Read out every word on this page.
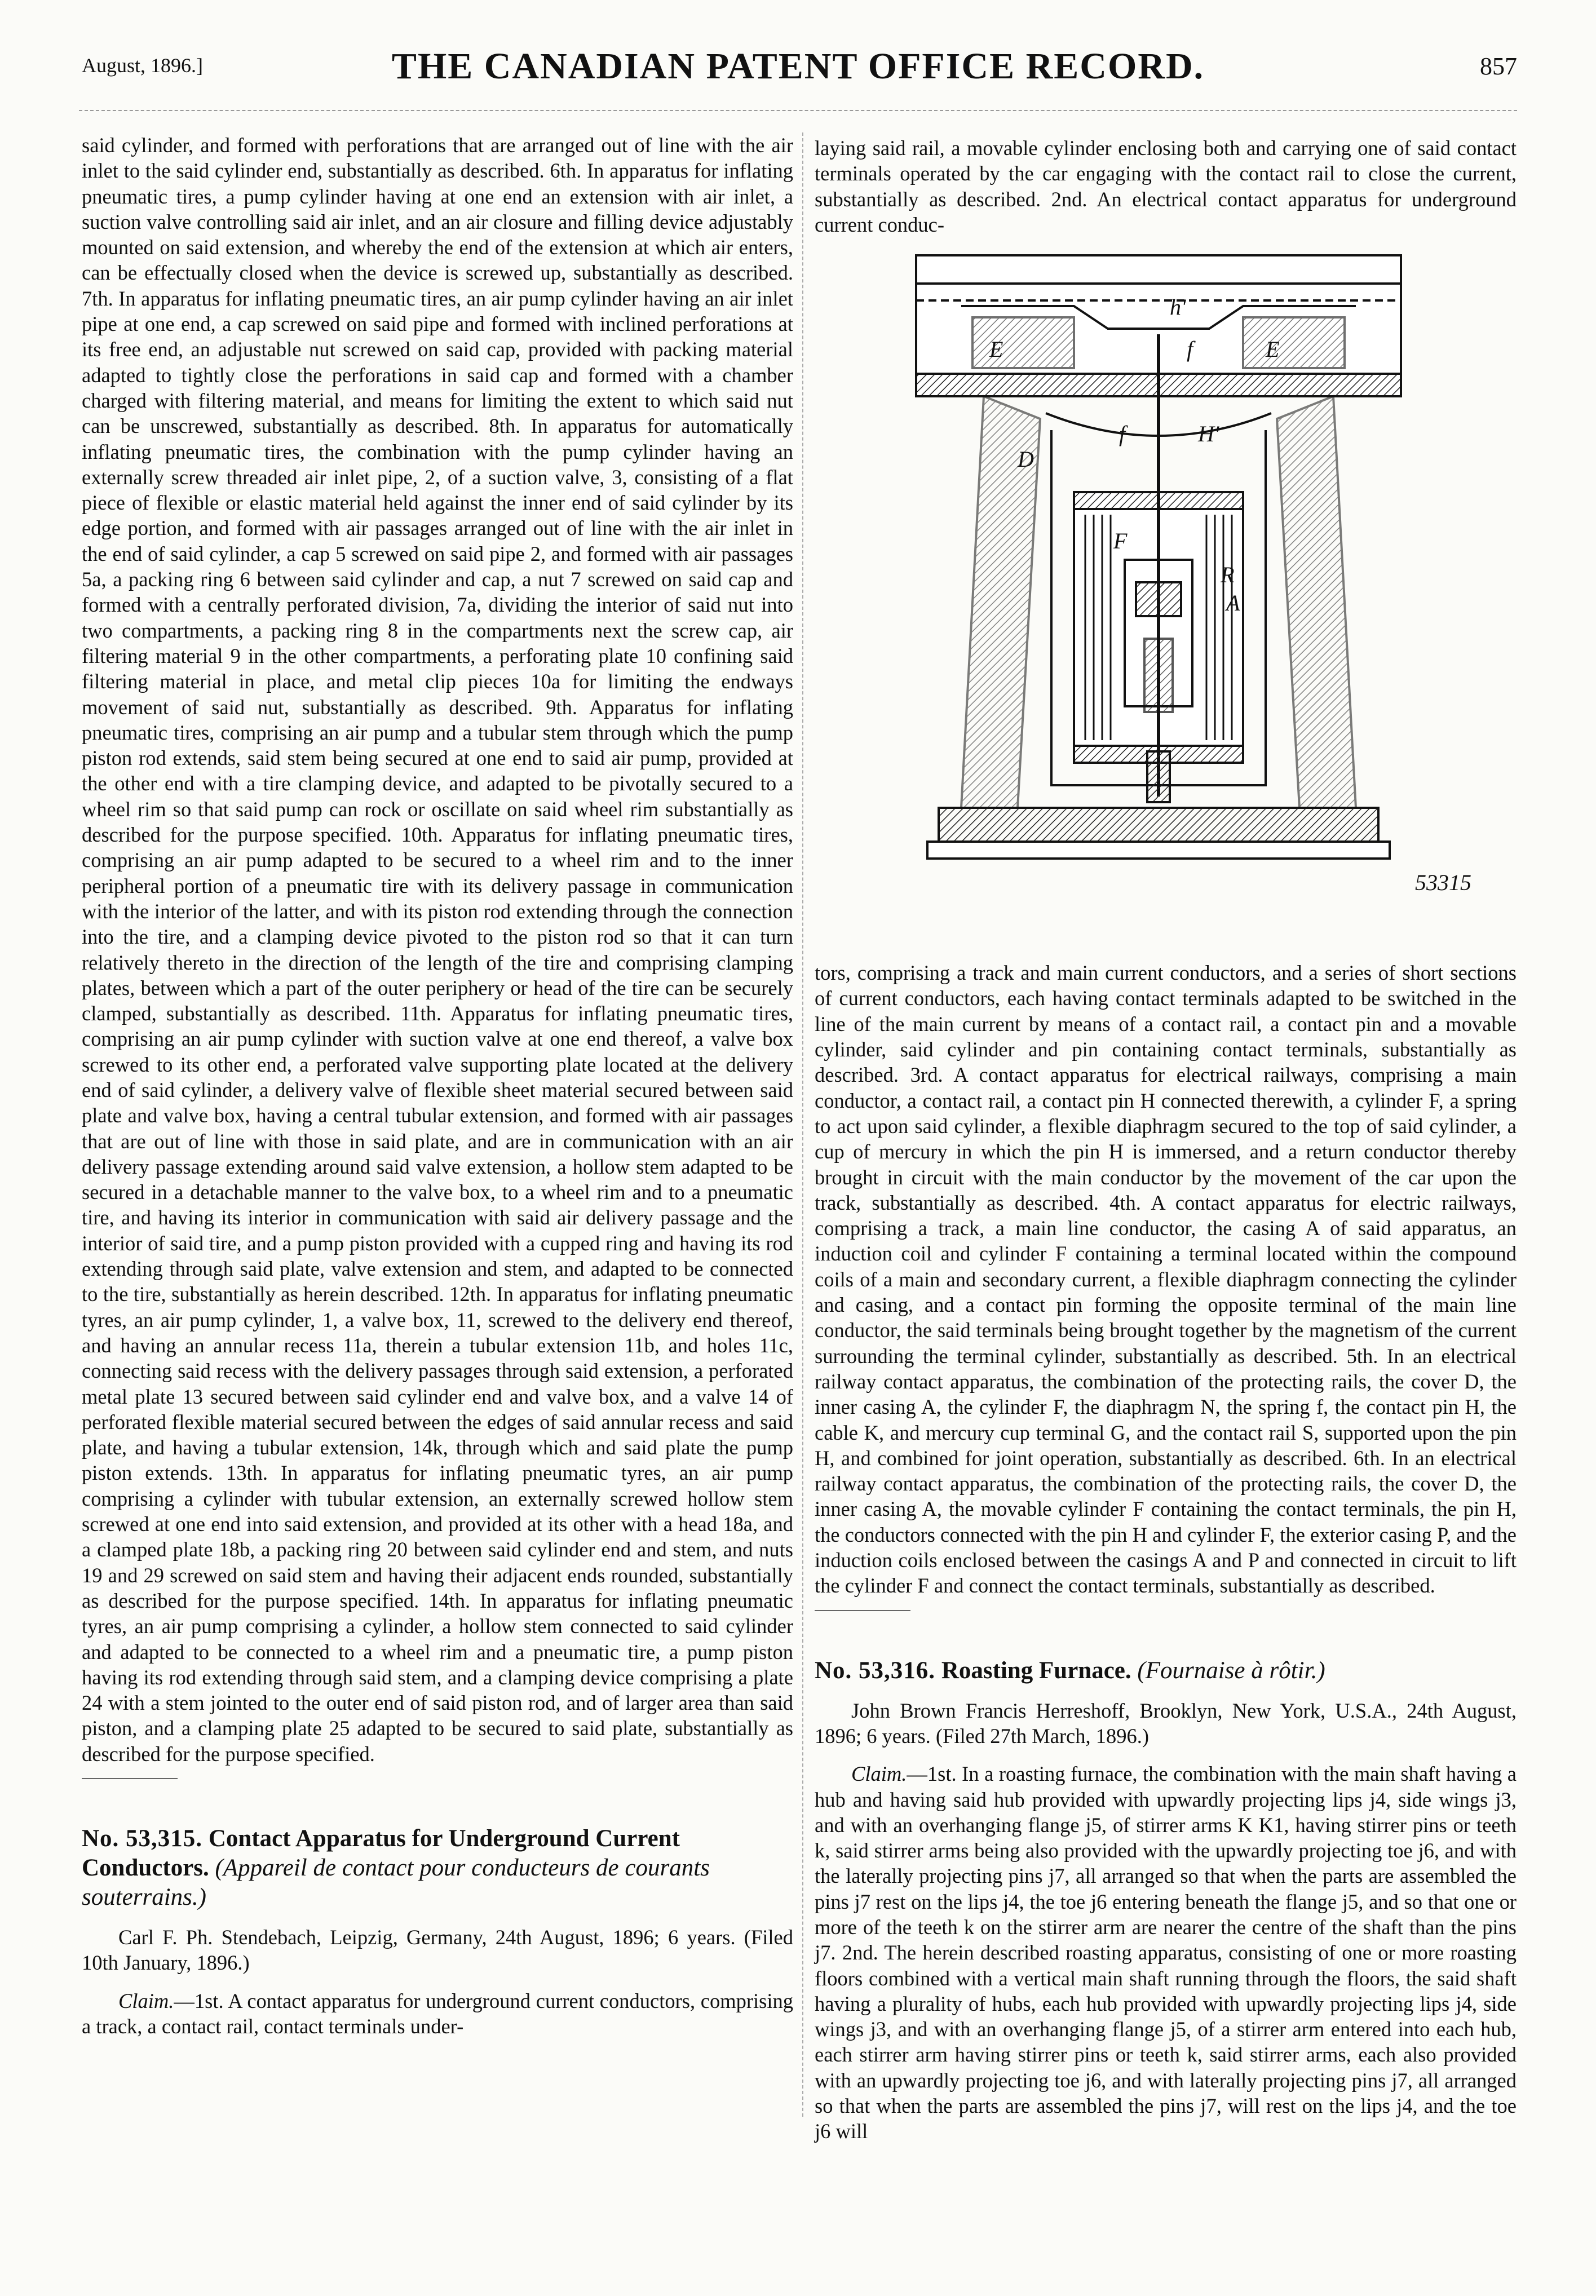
August, 1896.]	THE CANADIAN PATENT OFFICE RECORD.	857

said cylinder, and formed with perforations that are arranged out of line with the air inlet to the said cylinder end, substantially as described. 6th. In apparatus for inflating pneumatic tires, a pump cylinder having at one end an extension with air inlet, a suction valve controlling said air inlet, and an air closure and filling device adjustably mounted on said extension, and whereby the end of the extension at which air enters, can be effectually closed when the device is screwed up, substantially as described. 7th. In apparatus for inflating pneumatic tires, an air pump cylinder having an air inlet pipe at one end, a cap screwed on said pipe and formed with inclined perforations at its free end, an adjustable nut screwed on said cap, provided with packing material adapted to tightly close the perforations in said cap and formed with a chamber charged with filtering material, and means for limiting the extent to which said nut can be unscrewed, substantially as described. 8th. In apparatus for automatically inflating pneumatic tires, the combination with the pump cylinder having an externally screw threaded air inlet pipe, 2, of a suction valve, 3, consisting of a flat piece of flexible or elastic material held against the inner end of said cylinder by its edge portion, and formed with air passages arranged out of line with the air inlet in the end of said cylinder, a cap 5 screwed on said pipe 2, and formed with air passages 5a, a packing ring 6 between said cylinder and cap, a nut 7 screwed on said cap and formed with a centrally perforated division, 7a, dividing the interior of said nut into two compartments, a packing ring 8 in the compartments next the screw cap, air filtering material 9 in the other compartments, a perforating plate 10 confining said filtering material in place, and metal clip pieces 10a for limiting the endways movement of said nut, substantially as described. 9th. Apparatus for inflating pneumatic tires, comprising an air pump and a tubular stem through which the pump piston rod extends, said stem being secured at one end to said air pump, provided at the other end with a tire clamping device, and adapted to be pivotally secured to a wheel rim so that said pump can rock or oscillate on said wheel rim substantially as described for the purpose specified. 10th. Apparatus for inflating pneumatic tires, comprising an air pump adapted to be secured to a wheel rim and to the inner peripheral portion of a pneumatic tire with its delivery passage in communication with the interior of the latter, and with its piston rod extending through the connection into the tire, and a clamping device pivoted to the piston rod so that it can turn relatively thereto in the direction of the length of the tire and comprising clamping plates, between which a part of the outer periphery or head of the tire can be securely clamped, substantially as described. 11th. Apparatus for inflating pneumatic tires, comprising an air pump cylinder with suction valve at one end thereof, a valve box screwed to its other end, a perforated valve supporting plate located at the delivery end of said cylinder, a delivery valve of flexible sheet material secured between said plate and valve box, having a central tubular extension, and formed with air passages that are out of line with those in said plate, and are in communication with an air delivery passage extending around said valve extension, a hollow stem adapted to be secured in a detachable manner to the valve box, to a wheel rim and to a pneumatic tire, and having its interior in communication with said air delivery passage and the interior of said tire, and a pump piston provided with a cupped ring and having its rod extending through said plate, valve extension and stem, and adapted to be connected to the tire, substantially as herein described. 12th. In apparatus for inflating pneumatic tyres, an air pump cylinder, 1, a valve box, 11, screwed to the delivery end thereof, and having an annular recess 11a, therein a tubular extension 11b, and holes 11c, connecting said recess with the delivery passages through said extension, a perforated metal plate 13 secured between said cylinder end and valve box, and a valve 14 of perforated flexible material secured between the edges of said annular recess and said plate, and having a tubular extension, 14k, through which and said plate the pump piston extends. 13th. In apparatus for inflating pneumatic tyres, an air pump comprising a cylinder with tubular extension, an externally screwed hollow stem screwed at one end into said extension, and provided at its other with a head 18a, and a clamped plate 18b, a packing ring 20 between said cylinder end and stem, and nuts 19 and 29 screwed on said stem and having their adjacent ends rounded, substantially as described for the purpose specified. 14th. In apparatus for inflating pneumatic tyres, an air pump comprising a cylinder, a hollow stem connected to said cylinder and adapted to be connected to a wheel rim and a pneumatic tire, a pump piston having its rod extending through said stem, and a clamping device comprising a plate 24 with a stem jointed to the outer end of said piston rod, and of larger area than said piston, and a clamping plate 25 adapted to be secured to said plate, substantially as described for the purpose specified.

No. 53,315. Contact Apparatus for Underground Current Conductors. (Appareil de contact pour conducteurs de courants souterrains.)

Carl F. Ph. Stendebach, Leipzig, Germany, 24th August, 1896; 6 years. (Filed 10th January, 1896.)

Claim.—1st. A contact apparatus for underground current conductors, comprising a track, a contact rail, contact terminals under-

laying said rail, a movable cylinder enclosing both and carrying one of said contact terminals operated by the car engaging with the contact rail to close the current, substantially as described. 2nd. An electrical contact apparatus for underground current conduc-

h'
E	f	E
f	H'
D
F
R
A
53315

tors, comprising a track and main current conductors, and a series of short sections of current conductors, each having contact terminals adapted to be switched in the line of the main current by means of a contact rail, a contact pin and a movable cylinder, said cylinder and pin containing contact terminals, substantially as described. 3rd. A contact apparatus for electrical railways, comprising a main conductor, a contact rail, a contact pin H connected therewith, a cylinder F, a spring to act upon said cylinder, a flexible diaphragm secured to the top of said cylinder, a cup of mercury in which the pin H is immersed, and a return conductor thereby brought in circuit with the main conductor by the movement of the car upon the track, substantially as described. 4th. A contact apparatus for electric railways, comprising a track, a main line conductor, the casing A of said apparatus, an induction coil and cylinder F containing a terminal located within the compound coils of a main and secondary current, a flexible diaphragm connecting the cylinder and casing, and a contact pin forming the opposite terminal of the main line conductor, the said terminals being brought together by the magnetism of the current surrounding the terminal cylinder, substantially as described. 5th. In an electrical railway contact apparatus, the combination of the protecting rails, the cover D, the inner casing A, the cylinder F, the diaphragm N, the spring f, the contact pin H, the cable K, and mercury cup terminal G, and the contact rail S, supported upon the pin H, and combined for joint operation, substantially as described. 6th. In an electrical railway contact apparatus, the combination of the protecting rails, the cover D, the inner casing A, the movable cylinder F containing the contact terminals, the pin H, the conductors connected with the pin H and cylinder F, the exterior casing P, and the induction coils enclosed between the casings A and P and connected in circuit to lift the cylinder F and connect the contact terminals, substantially as described.

No. 53,316. Roasting Furnace. (Fournaise à rôtir.)

John Brown Francis Herreshoff, Brooklyn, New York, U.S.A., 24th August, 1896; 6 years. (Filed 27th March, 1896.)

Claim.—1st. In a roasting furnace, the combination with the main shaft having a hub and having said hub provided with upwardly projecting lips j4, side wings j3, and with an overhanging flange j5, of stirrer arms K K1, having stirrer pins or teeth k, said stirrer arms being also provided with the upwardly projecting toe j6, and with the laterally projecting pins j7, all arranged so that when the parts are assembled the pins j7 rest on the lips j4, the toe j6 entering beneath the flange j5, and so that one or more of the teeth k on the stirrer arm are nearer the centre of the shaft than the pins j7. 2nd. The herein described roasting apparatus, consisting of one or more roasting floors combined with a vertical main shaft running through the floors, the said shaft having a plurality of hubs, each hub provided with upwardly projecting lips j4, side wings j3, and with an overhanging flange j5, of a stirrer arm entered into each hub, each stirrer arm having stirrer pins or teeth k, said stirrer arms, each also provided with an upwardly projecting toe j6, and with laterally projecting pins j7, all arranged so that when the parts are assembled the pins j7, will rest on the lips j4, and the toe j6 will
